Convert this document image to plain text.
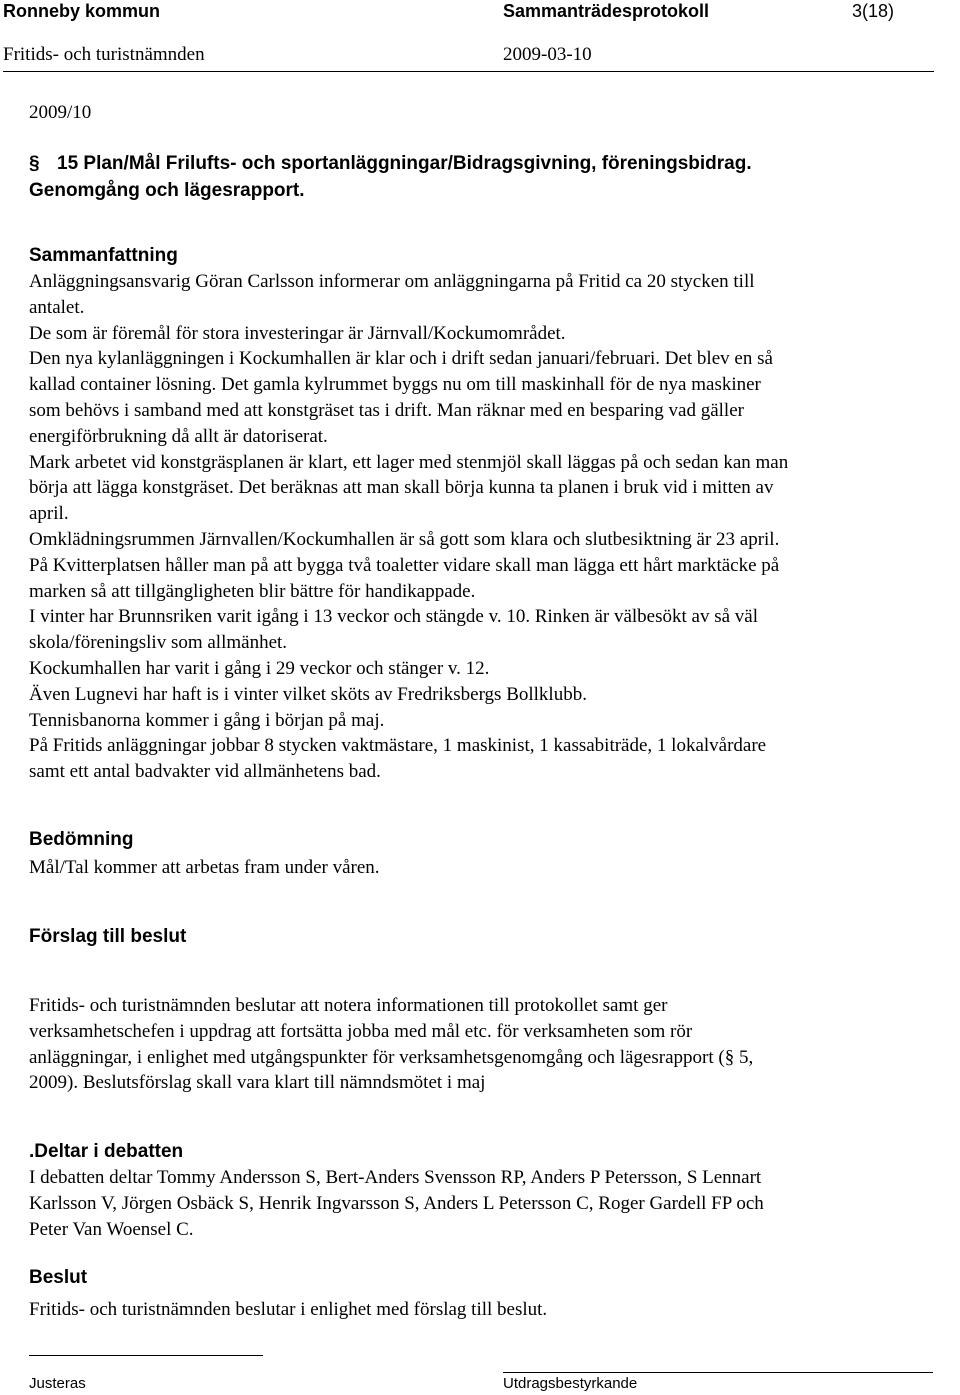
Ronneby kommun	Sammanträdesprotokoll	3(18)
Fritids- och turistnämnden	2009-03-10
2009/10
§ 15 Plan/Mål Frilufts- och sportanläggningar/Bidragsgivning, föreningsbidrag.
Genomgång och lägesrapport.
Sammanfattning
Anläggningsansvarig Göran Carlsson informerar om anläggningarna på Fritid ca 20 stycken till
antalet.
De som är föremål för stora investeringar är Järnvall/Kockumområdet.
Den nya kylanläggningen i Kockumhallen är klar och i drift sedan januari/februari. Det blev en så
kallad container lösning. Det gamla kylrummet byggs nu om till maskinhall för de nya maskiner
som behövs i samband med att konstgräset tas i drift. Man räknar med en besparing vad gäller
energiförbrukning då allt är datoriserat.
Mark arbetet vid konstgräsplanen är klart, ett lager med stenmjöl skall läggas på och sedan kan man
börja att lägga konstgräset. Det beräknas att man skall börja kunna ta planen i bruk vid i mitten av
april.
Omklädningsrummen Järnvallen/Kockumhallen är så gott som klara och slutbesiktning är 23 april.
På Kvitterplatsen håller man på att bygga två toaletter vidare skall man lägga ett hårt marktäcke på
marken så att tillgängligheten blir bättre för handikappade.
I vinter har Brunnsriken varit igång i 13 veckor och stängde v. 10. Rinken är välbesökt av så väl
skola/föreningsliv som allmänhet.
Kockumhallen har varit i gång i 29 veckor och stänger v. 12.
Även Lugnevi har haft is i vinter vilket sköts av Fredriksbergs Bollklubb.
Tennisbanorna kommer i gång i början på maj.
På Fritids anläggningar jobbar 8 stycken vaktmästare, 1 maskinist, 1 kassabiträde, 1 lokalvårdare
samt ett antal badvakter vid allmänhetens bad.
Bedömning
Mål/Tal kommer att arbetas fram under våren.
Förslag till beslut
Fritids- och turistnämnden beslutar att notera informationen till protokollet samt ger
verksamhetschefen i uppdrag att fortsätta jobba med mål etc. för verksamheten som rör
anläggningar, i enlighet med utgångspunkter för verksamhetsgenomgång och lägesrapport (§ 5,
2009). Beslutsförslag skall vara klart till nämndsmötet i maj
.Deltar i debatten
I debatten deltar Tommy Andersson S, Bert-Anders Svensson RP, Anders P Petersson, S Lennart
Karlsson V, Jörgen Osbäck S, Henrik Ingvarsson S, Anders L Petersson C, Roger Gardell FP och
Peter Van Woensel C.
Beslut
Fritids- och turistnämnden beslutar i enlighet med förslag till beslut.
Justeras	Utdragsbestyrkande
